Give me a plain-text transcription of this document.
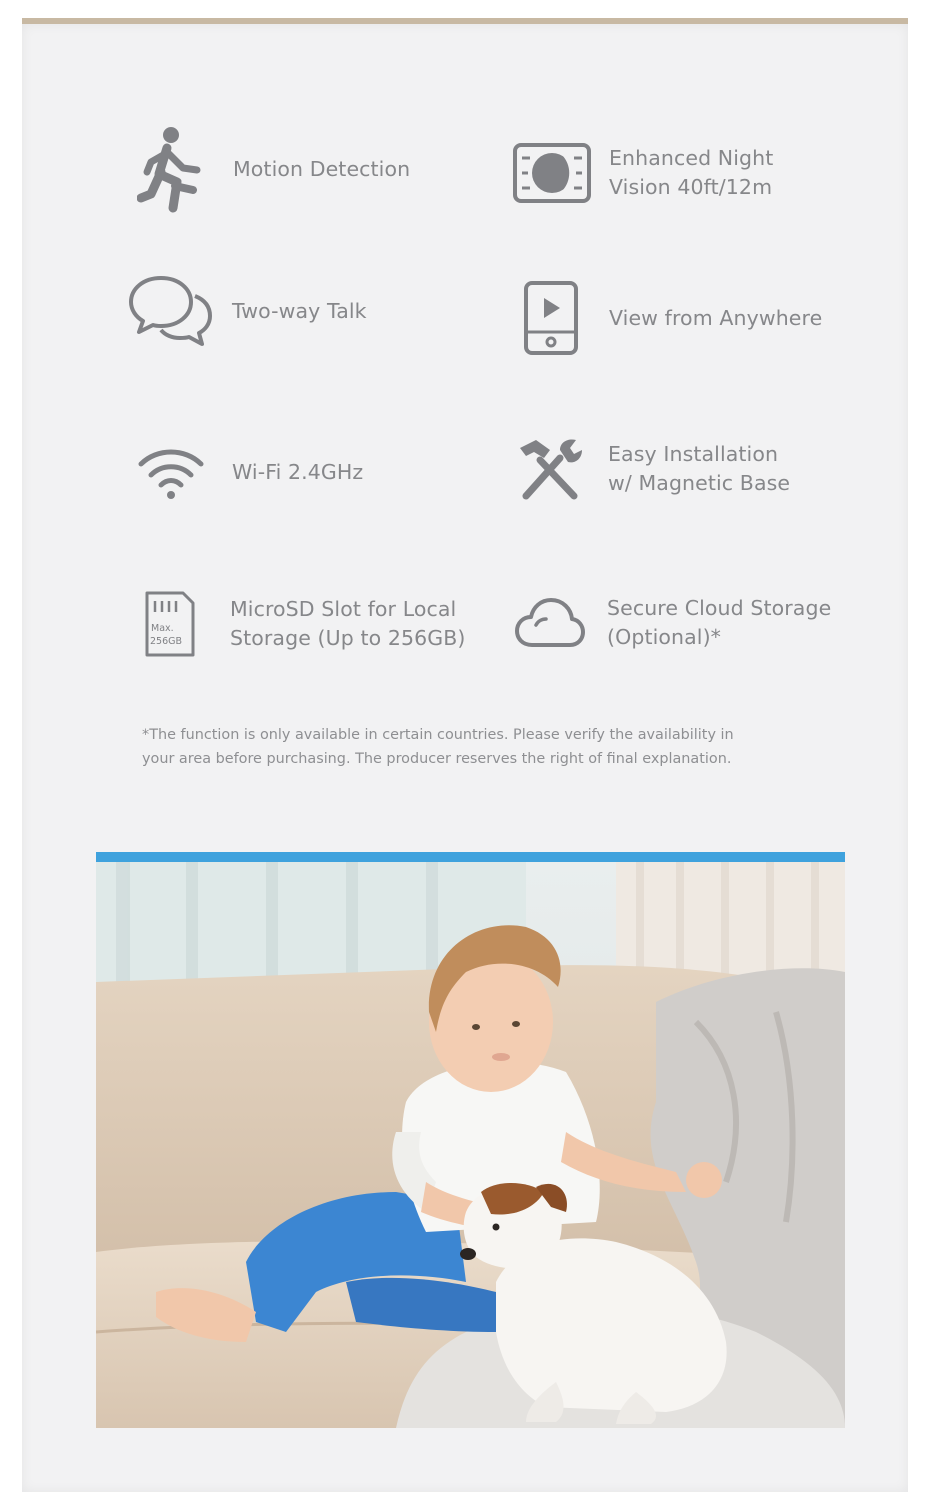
Motion Detection	Enhanced Night
Vision 40ft/12m
Two-way Talk	View from Anywhere
Wi-Fi 2.4GHz
Easy Installation
w/ Magnetic Base
Max.
256GB
MicroSD Slot for Local
Storage (Up to 256GB)
Secure Cloud Storage
(Optional)*
*The function is only available in certain countries. Please verify the availability in
your area before purchasing. The producer reserves the right of final explanation.
